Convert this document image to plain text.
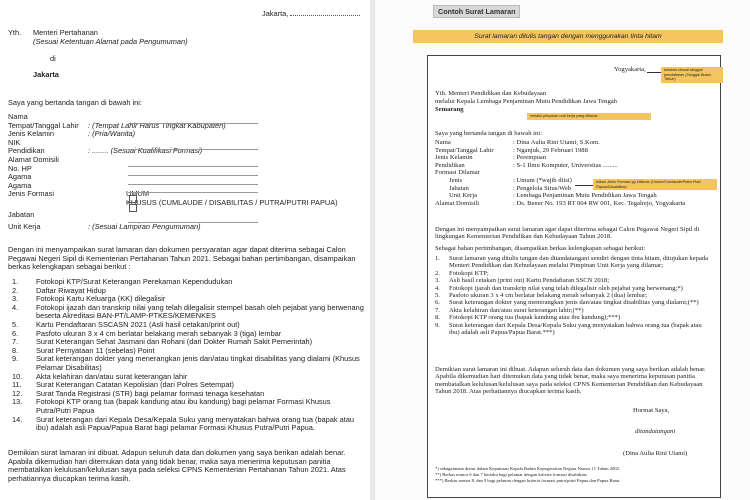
Jakarta,
Yth. Menteri Pertahanan
(Sesuai Ketentuan Alamat pada Pengumuman)
di
Jakarta
Saya yang bertanda tangan di bawah ini:
Nama
Tempat/Tanggal Lahir	: (Tempat Lahir Harus Tingkat Kabupaten)
Jenis Kelamin	: (Pria/Wanita)
NIK
Pendidikan	: ........ (Sesuai Kualifikasi Formasi)
Alamat Domisili
No. HP
Agama
Agama
Jenis Formasi	UMUM
KHUSUS (CUMLAUDE / DISABILITAS / PUTRA/PUTRI PAPUA)
Jabatan
Unit Kerja	: (Sesuai Lampiran Pengumuman)
Dengan ini menyampaikan surat lamaran dan dokumen persyaratan agar dapat diterima sebagai Calon Pegawai Negeri Sipil di Kementerian Pertahanan Tahun 2021. Sebagai bahan pertimbangan, disampaikan berkas kelengkapan sebagai berikut :
1.	Fotokopi KTP/Surat Keterangan Perekaman Kependudukan
2.	Daftar Riwayat Hidup
3.	Fotokopi Kartu Keluarga (KK) dilegalisir
4.	Fotokopi ijazah dan transkrip nilai yang telah dilegalisir stempel basah oleh pejabat yang berwenang beserta Akreditasi BAN-PT/LAMP-PTKES/KEMENKES
5.	Kartu Pendaftaran SSCASN 2021 (Asli hasil cetakan/print out)
6.	Pasfoto ukuran 3 x 4 cm berlatar belakang merah sebanyak 3 (tiga) lembar
7.	Surat Keterangan Sehat Jasmani dan Rohani (dari Dokter Rumah Sakit Pemerintah)
8.	Surat Pernyataan 11 (sebelas) Point
9.	Surat keterangan dokter yang menerangkan jenis dan/atau tingkat disabilitas yang dialami (Khusus Pelamar Disabilitas)
10.	Akta kelahiran dan/atau surat keterangan lahir
11.	Surat Keterangan Catatan Kepolisian (dari Polres Setempat)
12.	Surat Tanda Registrasi (STR) bagi pelamar formasi tenaga kesehatan
13.	Fotokopi KTP orang tua (bapak kandung atau ibu kandung) bagi pelamar Formasi Khusus Putra/Putri Papua
14.	Surat keterangan dari Kepala Desa/Kepala Suku yang menyatakan bahwa orang tua (bapak atau ibu) adalah asli Papua/Papua Barat bagi pelamar Formasi Khusus Putra/Putri Papua.
Demikian surat lamaran ini dibuat. Adapun seluruh data dan dokumen yang saya berikan adalah benar. Apabila dikemudian hari ditemukan data yang tidak benar, maka saya menerima keputusan panitia membatalkan kelulusan/kelulusan saya pada seleksi CPNS Kementerian Pertahanan Tahun 2021. Atas perhatiannya diucapkan terima kasih.
Contoh Surat Lamaran
Surat lamaran ditulis tangan dengan menggunakan tinta hitam
Yogyakarta,
Yth. Menteri Pendidikan dan Kebudayaan
melalui Kepala Lembaga Penjaminan Mutu Pendidikan Jawa Tengah
Semarang
Saya yang bertanda tangan di bawah ini:
Nama	: Dina Aulia Rini Utami, S.Kom.
Tempat/Tanggal Lahir	: Nganjuk, 29 Februari 1988
Jenis Kelamin	: Perempuan
Pendidikan	: S-1 Ilmu Komputer, Universitas .........
Formasi Dilamar
Jenis	: Umum (*wajib diisi)
Jabatan	: Pengelola Situs/Web
Unit Kerja	: Lembaga Penjaminan Mutu Pendidikan Jawa Tengah
Alamat Domisili	: Ds. Bener No. 193 RT 004 RW 001, Kec. Tegalrejo, Yogyakarta
Dengan ini menyampaikan surat lamaran agar dapat diterima sebagai Calon Pegawai Negeri Sipil di lingkungan Kementerian Pendidikan dan Kebudayaan Tahun 2018.
Sebagai bahan pertimbangan, disampaikan berkas kelengkapan sebagai berikut:
1.	Surat lamaran yang ditulis tangan dan ditandatangani sendiri dengan tinta hitam, ditujukan kepada Menteri Pendidikan dan Kebudayaan melalui Pimpinan Unit Kerja yang dilamar;
2.	Fotokopi KTP;
3.	Asli hasil cetakan (print out) Kartu Pendaftaran SSCN 2018;
4.	Fotokopi ijazah dan transkrip nilai yang telah dilegalisir oleh pejabat yang berwenang;*)
5.	Pasfoto ukuran 3 x 4 cm berlatar belakang merah sebanyak 2 (dua) lembar;
6.	Surat keterangan dokter yang menerangkan jenis dan/atau tingkat disabilitas yang dialami;(**)
7.	Akta kelahiran dan/atau surat keterangan lahir;(**)
8.	Fotokopi KTP orang tua (bapak kandung atau ibu kandung);***)
9.	Surat keterangan dari Kepala Desa/Kepala Suku yang menyatakan bahwa orang tua (bapak atau ibu) adalah asli Papua/Papua Barat.***)
Demikian surat lamaran ini dibuat. Adapun seluruh data dan dokumen yang saya berikan adalah benar. Apabila dikemudian hari ditemukan data yang tidak benar, maka saya menerima keputusan panitia membatalkan kelulusan/kelulusan saya pada seleksi CPNS Kementerian Pendidikan dan Kebudayaan Tahun 2018. Atas perhatiannya diucapkan terima kasih.
Hormat Saya,
ditandatangani
(Dina Aulia Rini Utami)
*) sebagaimana diatur dalam Keputusan Kepala Badan Kepegawaian Negara Nomor 11 Tahun 2002.
**) Berkas nomor 6 dan 7 berlaku bagi pelamar dengan kriteria formasi disabilitas.
***) Berkas nomor 8, dan 9 bagi pelamar dengan kriteria formasi putra/putri Papua dan Papua Barat.
tuliskan sesuai tanggal pendaftaran (Tanggal Bulan Tahun)
melalui pimpinan unit kerja yang dilamar
Isikan Jenis Formasi yg Dilamar (Umum/Cumlaude/Putra Putri Papua/Disabilitas)
